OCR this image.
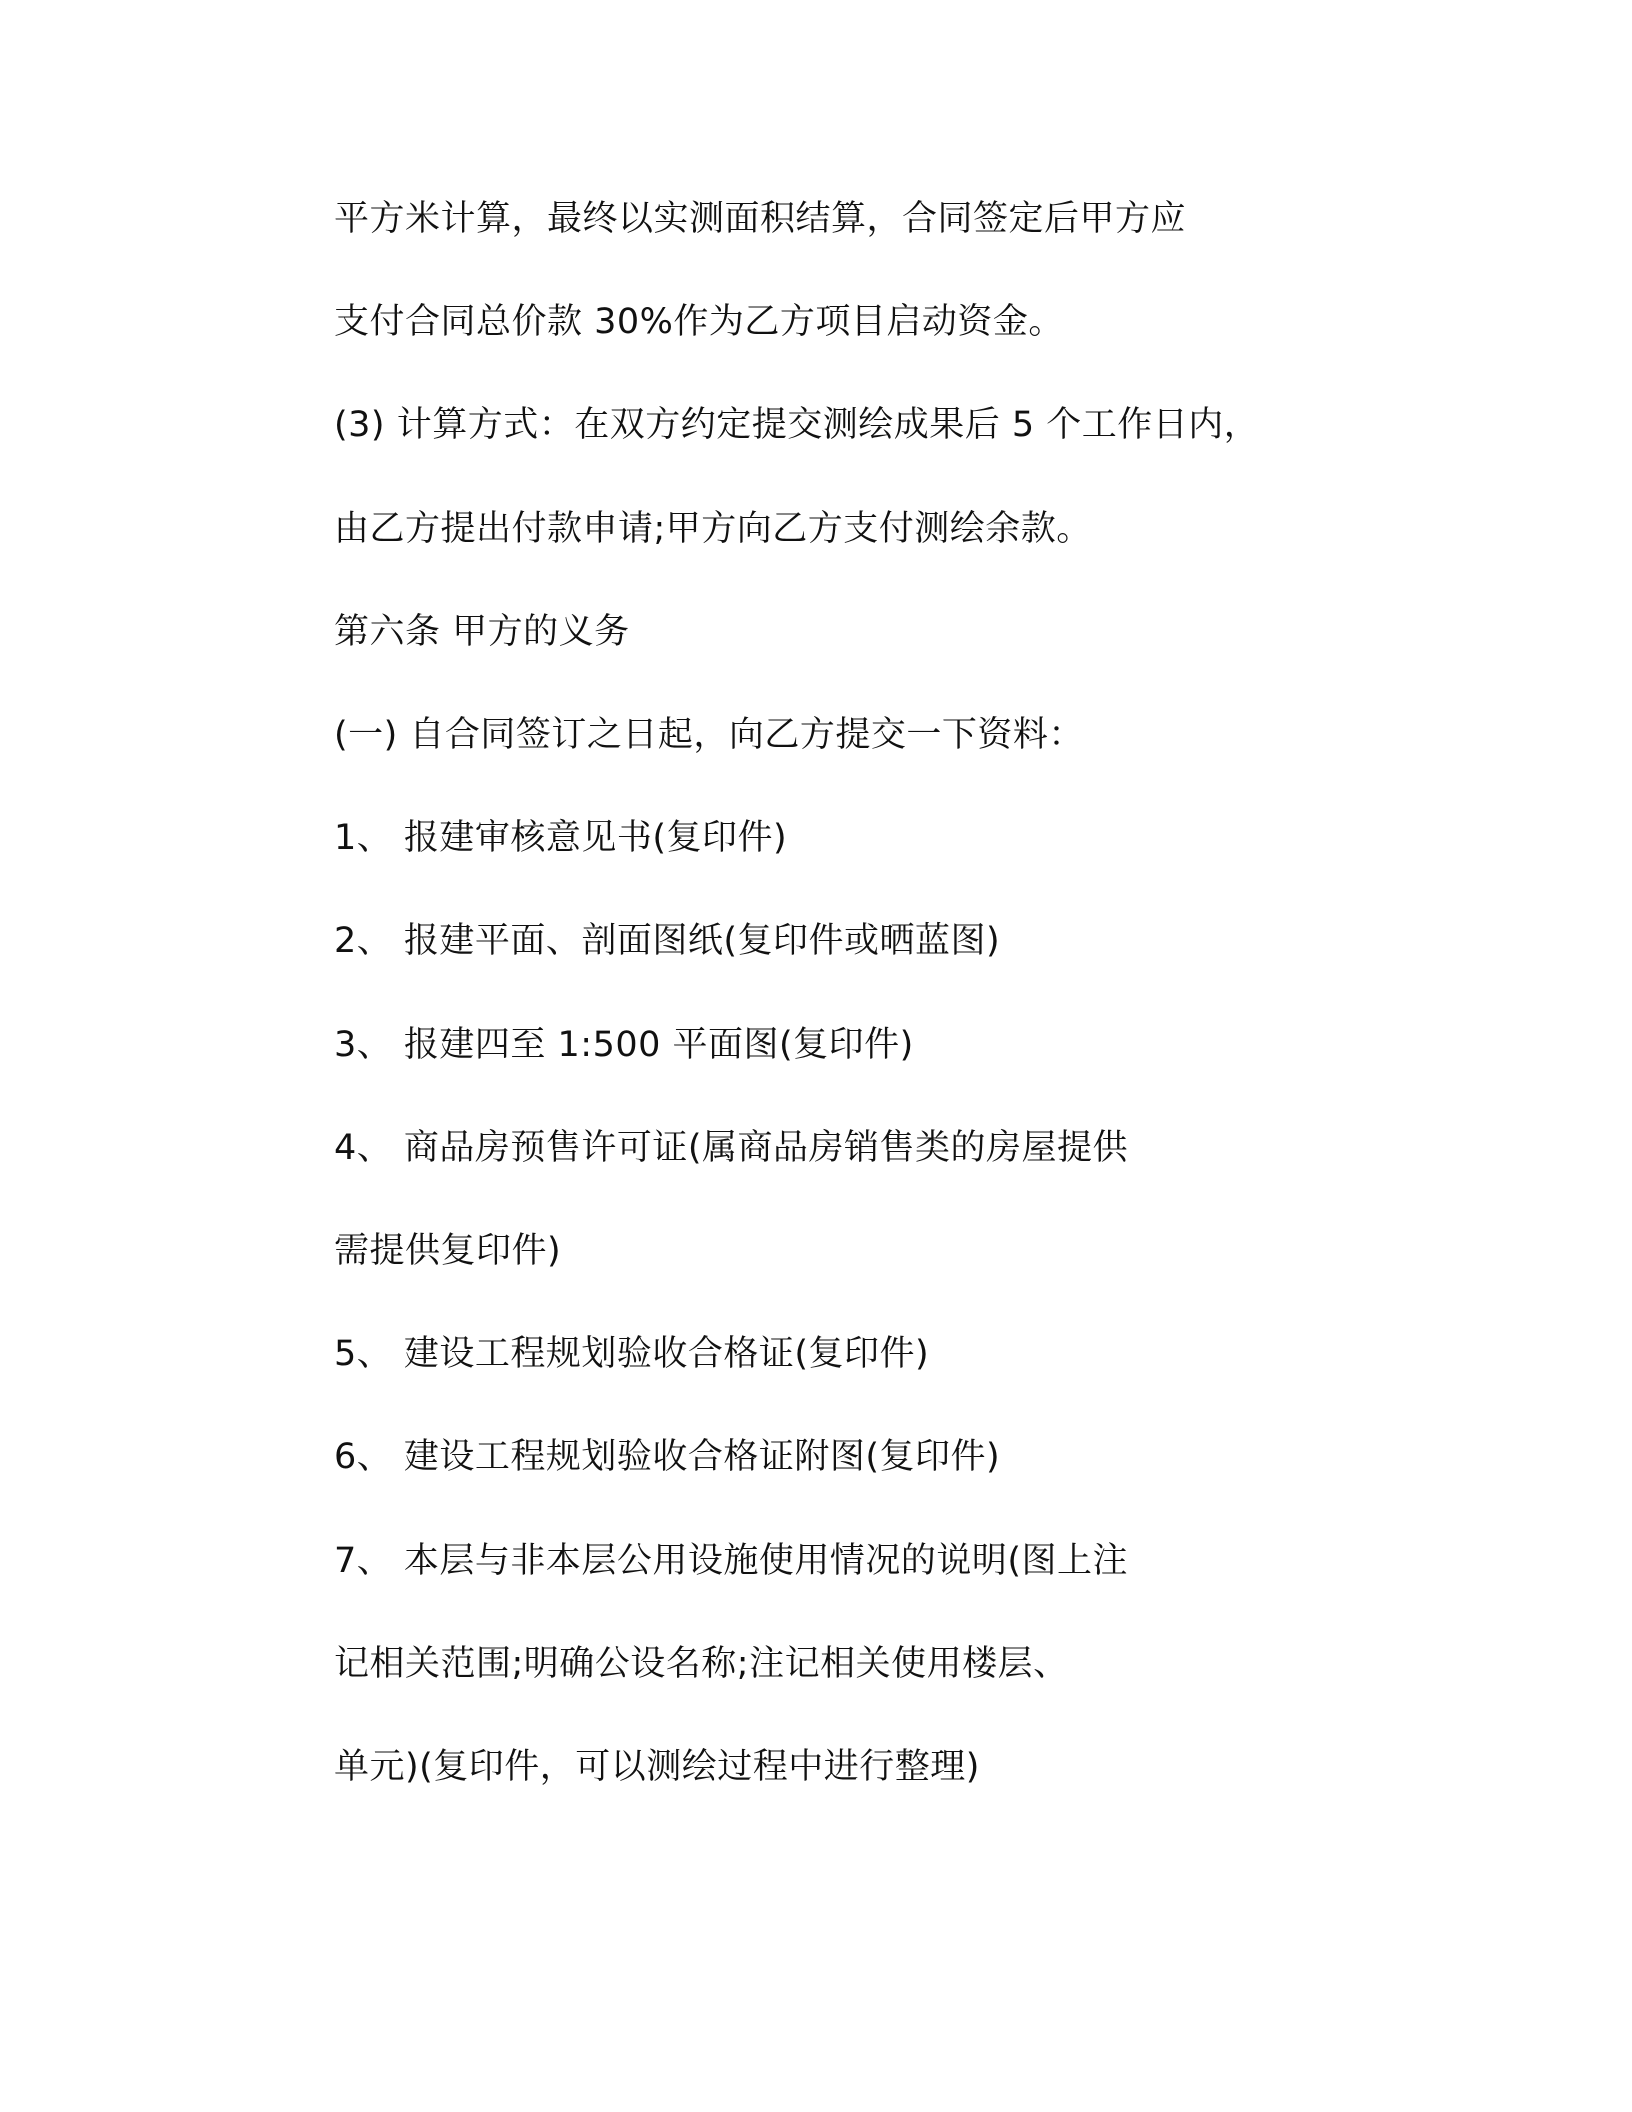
平方米计算，最终以实测面积结算，合同签定后甲方应

支付合同总价款 30%作为乙方项目启动资金。

(3) 计算方式：在双方约定提交测绘成果后 5 个工作日内，

由乙方提出付款申请;甲方向乙方支付测绘余款。

第六条 甲方的义务

(一) 自合同签订之日起，向乙方提交一下资料：

1、 报建审核意见书(复印件)

2、 报建平面、剖面图纸(复印件或晒蓝图)

3、 报建四至 1:500 平面图(复印件)

4、 商品房预售许可证(属商品房销售类的房屋提供

需提供复印件)

5、 建设工程规划验收合格证(复印件)

6、 建设工程规划验收合格证附图(复印件)

7、 本层与非本层公用设施使用情况的说明(图上注

记相关范围;明确公设名称;注记相关使用楼层、

单元)(复印件，可以测绘过程中进行整理)
